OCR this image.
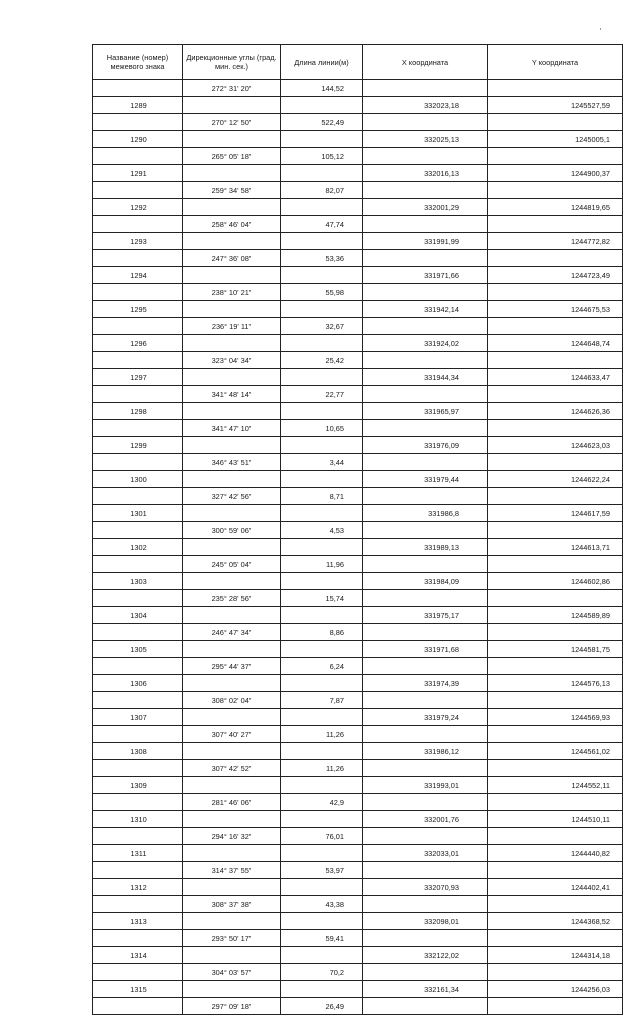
Название (номер) межевого знака	Дирекционные углы (град. мин. сек.)	Длина линии(м)	X координата	Y координата
	272° 31' 20"	144,52		
1289			332023,18	1245527,59
	270° 12' 50"	522,49		
1290			332025,13	1245005,1
	265° 05' 18"	105,12		
1291			332016,13	1244900,37
	259° 34' 58"	82,07		
1292			332001,29	1244819,65
	258° 46' 04"	47,74		
1293			331991,99	1244772,82
	247° 36' 08"	53,36		
1294			331971,66	1244723,49
	238° 10' 21"	55,98		
1295			331942,14	1244675,53
	236° 19' 11"	32,67		
1296			331924,02	1244648,74
	323° 04' 34"	25,42		
1297			331944,34	1244633,47
	341° 48' 14"	22,77		
1298			331965,97	1244626,36
	341° 47' 10"	10,65		
1299			331976,09	1244623,03
	346° 43' 51"	3,44		
1300			331979,44	1244622,24
	327° 42' 56"	8,71		
1301			331986,8	1244617,59
	300° 59' 06"	4,53		
1302			331989,13	1244613,71
	245° 05' 04"	11,96		
1303			331984,09	1244602,86
	235° 28' 56"	15,74		
1304			331975,17	1244589,89
	246° 47' 34"	8,86		
1305			331971,68	1244581,75
	295° 44' 37"	6,24		
1306			331974,39	1244576,13
	308° 02' 04"	7,87		
1307			331979,24	1244569,93
	307° 40' 27"	11,26		
1308			331986,12	1244561,02
	307° 42' 52"	11,26		
1309			331993,01	1244552,11
	281° 46' 06"	42,9		
1310			332001,76	1244510,11
	294° 16' 32"	76,01		
1311			332033,01	1244440,82
	314° 37' 55"	53,97		
1312			332070,93	1244402,41
	308° 37' 38"	43,38		
1313			332098,01	1244368,52
	293° 50' 17"	59,41		
1314			332122,02	1244314,18
	304° 03' 57"	70,2		
1315			332161,34	1244256,03
	297° 09' 18"	26,49		
